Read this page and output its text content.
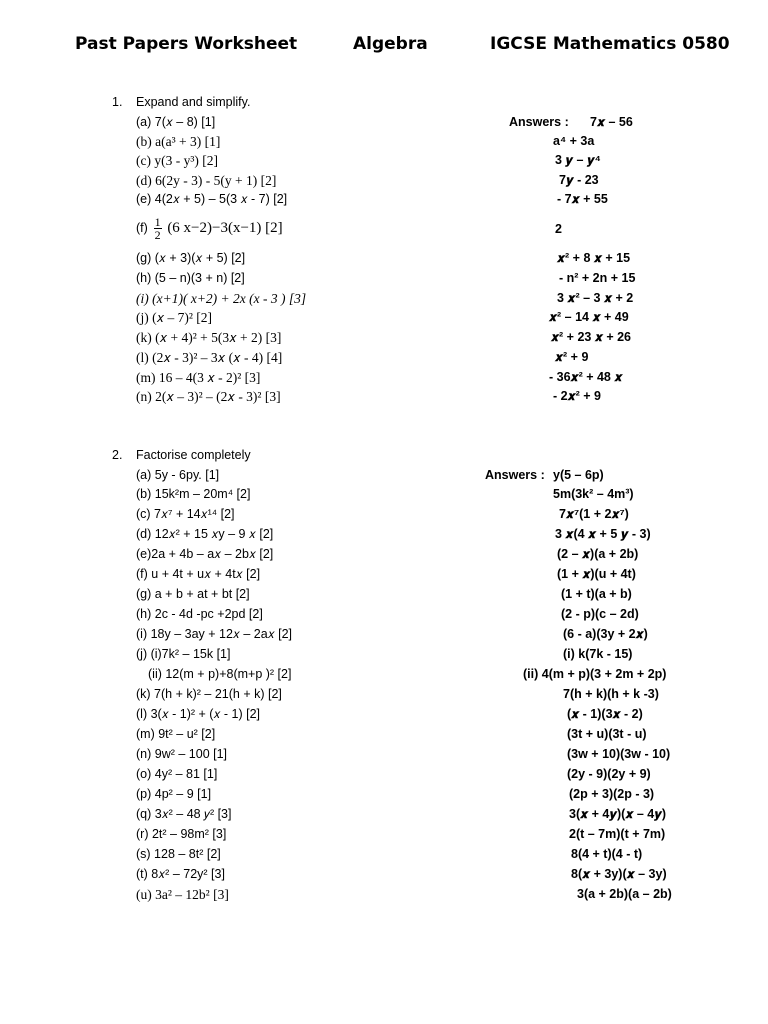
Past Papers Worksheet	Algebra	IGCSE Mathematics 0580
1. Expand and simplify.
Answers :
(a) 7(𝑥 – 8) [1]	7𝒙 – 56
(b) a(a³ + 3) [1]	a⁴ + 3a
(c) y(3 - y³) [2]	3 𝒚 – 𝒚⁴
(d) 6(2y - 3) - 5(y + 1) [2]	7𝒚 - 23
(e) 4(2𝑥 + 5) – 5(3 𝑥 - 7) [2]	- 7𝒙 + 55
$(f) \frac{1}{2} (6$ x−2)−3(x−1) [2]	2
(g) (𝑥 + 3)(𝑥 + 5) [2]	𝒙² + 8 𝒙 + 15
(h) (5 – n)(3 + n) [2]	- n² + 2n + 15
(i) (x+1)( x+2) + 2x (x - 3 ) [3]	3 𝒙² – 3 𝒙 + 2
(j) (𝑥 – 7)² [2]	𝒙² – 14 𝒙 + 49
(k) (𝑥 + 4)² + 5(3𝑥 + 2) [3]	𝒙² + 23 𝒙 + 26
(l) (2𝑥 - 3)² – 3𝑥 (𝑥 - 4) [4]	𝒙² + 9
(m) 16 – 4(3 𝑥 - 2)² [3]	- 36𝒙² + 48 𝒙
(n) 2(𝑥 – 3)² – (2𝑥 - 3)² [3]	- 2𝒙² + 9
2. Factorise completely
Answers :
(a) 5y - 6py. [1]	y(5 – 6p)
(b) 15k²m – 20m⁴ [2]	5m(3k² – 4m³)
(c) 7𝑥⁷ + 14𝑥¹⁴ [2]	7𝒙⁷(1 + 2𝒙⁷)
(d) 12𝑥² + 15 𝑥y – 9 𝑥 [2]	3 𝒙(4 𝒙 + 5 𝒚 - 3)
(e)2a + 4b – a𝑥 – 2b𝑥 [2]	(2 – 𝒙)(a + 2b)
(f) u + 4t + u𝑥 + 4t𝑥 [2]	(1 + 𝒙)(u + 4t)
(g) a + b + at + bt [2]	(1 + t)(a + b)
(h) 2c - 4d -pc +2pd [2]	(2 - p)(c – 2d)
(i) 18y – 3ay + 12𝑥 – 2a𝑥 [2]	(6 - a)(3y + 2𝒙)
(j) (i)7k² – 15k [1]	(i) k(7k - 15)
(ii) 12(m + p)+8(m+p )² [2]	(ii) 4(m + p)(3 + 2m + 2p)
(k) 7(h + k)² – 21(h + k) [2]	7(h + k)(h + k -3)
(l) 3(𝑥 - 1)² + (𝑥 - 1) [2]	(𝒙 - 1)(3𝒙 - 2)
(m) 9t² – u² [2]	(3t + u)(3t - u)
(n) 9w² – 100 [1]	(3w + 10)(3w - 10)
(o) 4y² – 81 [1]	(2y - 9)(2y + 9)
(p) 4p² – 9 [1]	(2p + 3)(2p - 3)
(q) 3𝑥² – 48 𝑦² [3]	3(𝒙 + 4𝒚)(𝒙 – 4𝒚)
(r) 2t² – 98m² [3]	2(t – 7m)(t + 7m)
(s) 128 – 8t² [2]	8(4 + t)(4 - t)
(t) 8𝑥² – 72y² [3]	8(𝒙 + 3y)(𝒙 – 3y)
(u) 3a² – 12b² [3]	3(a + 2b)(a – 2b)
